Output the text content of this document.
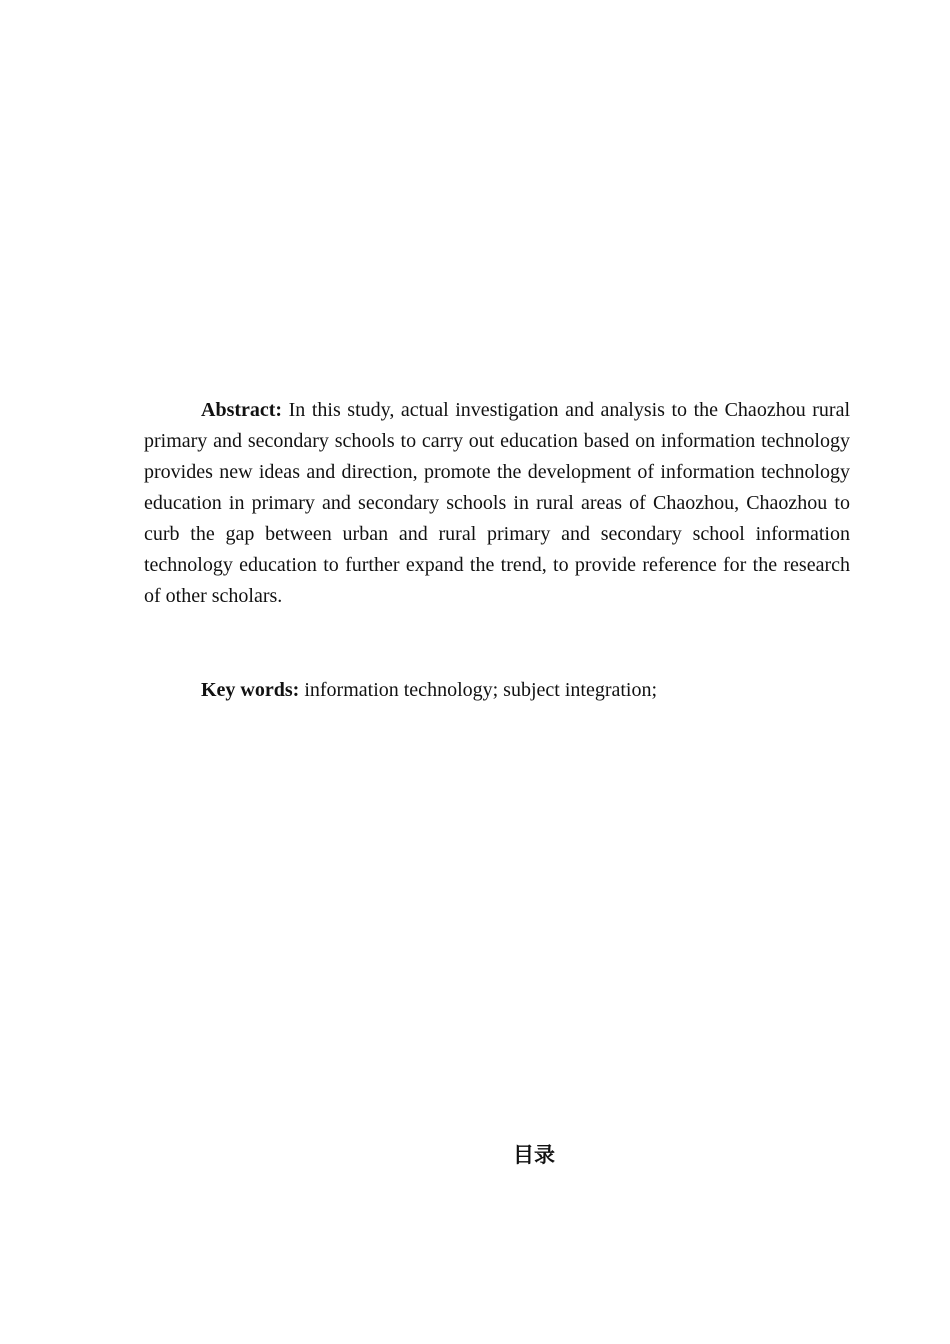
Abstract: In this study, actual investigation and analysis to the Chaozhou rural primary and secondary schools to carry out education based on information technology provides new ideas and direction, promote the development of information technology education in primary and secondary schools in rural areas of Chaozhou, Chaozhou to curb the gap between urban and rural primary and secondary school information technology education to further expand the trend, to provide reference for the research of other scholars.

Key words: information technology; subject integration;

目录
